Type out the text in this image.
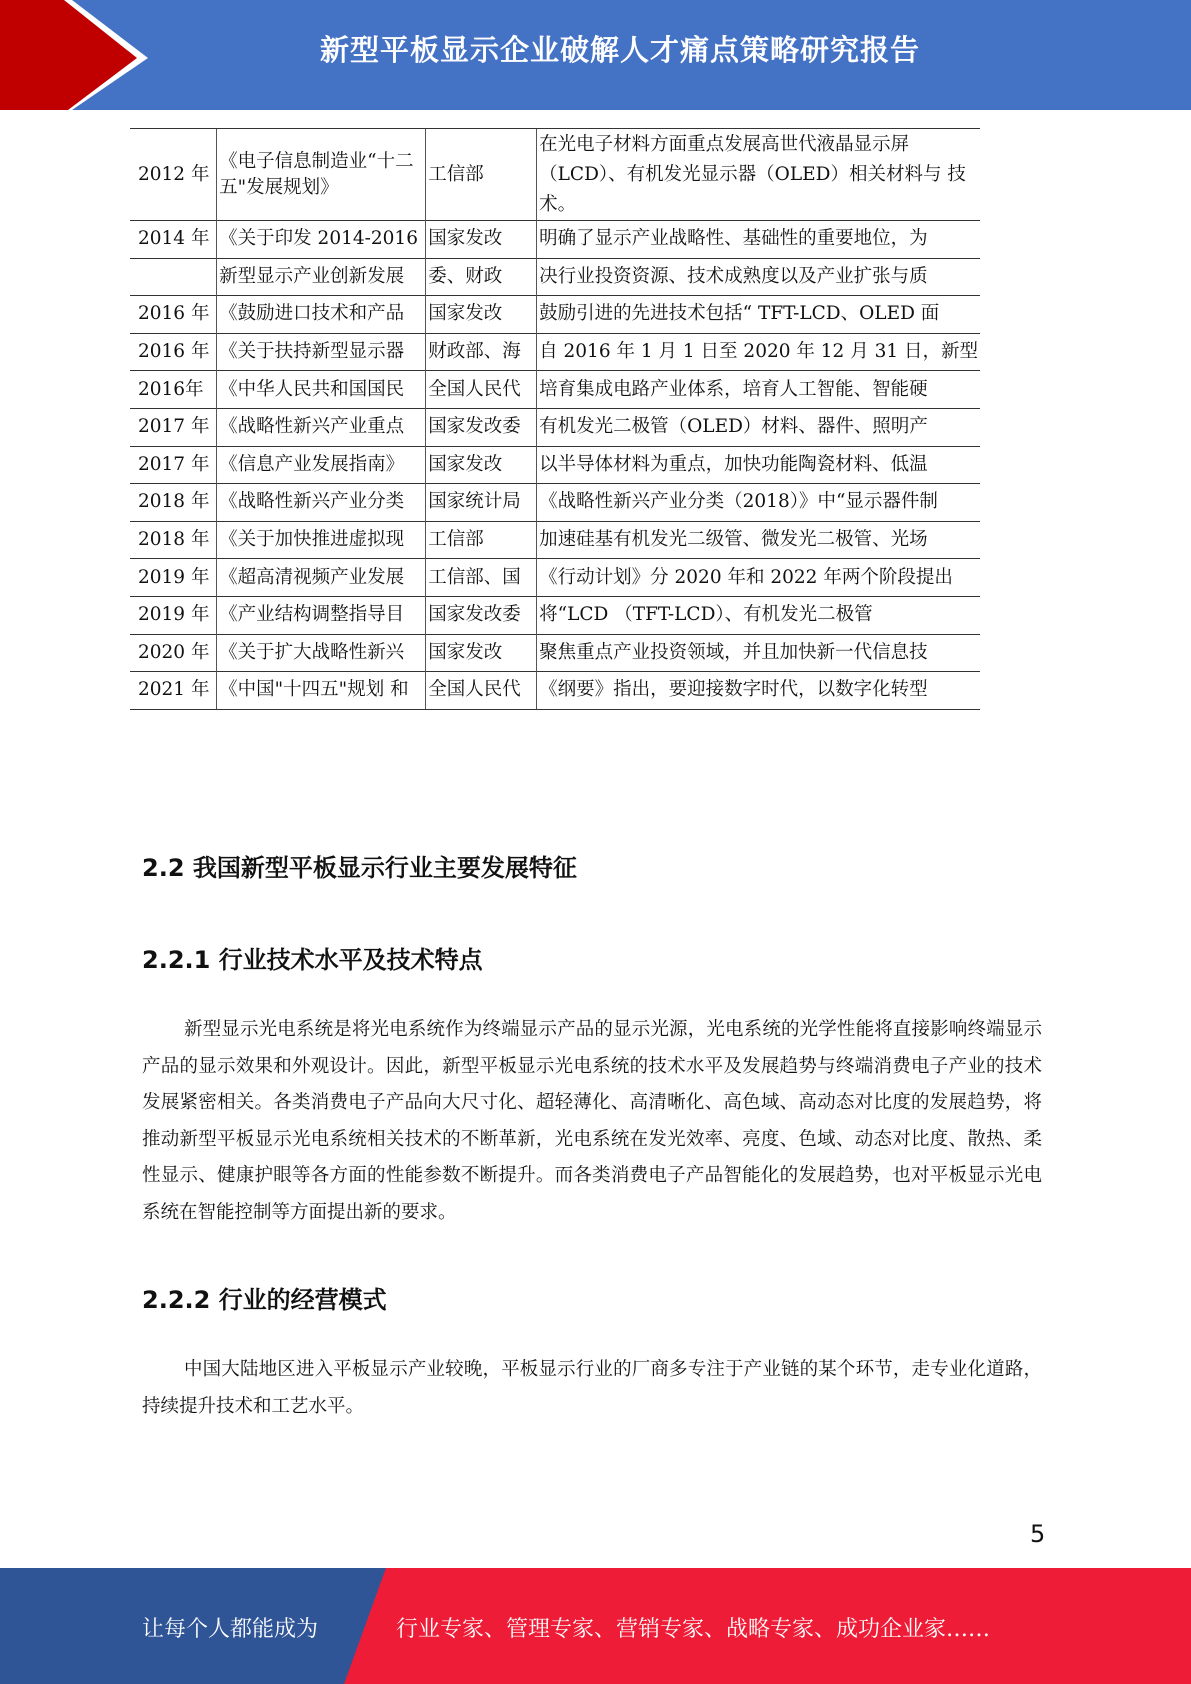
新型平板显示企业破解人才痛点策略研究报告
2012 年	《电子信息制造业“十二五"发展规划》	工信部	在光电子材料方面重点发展高世代液晶显示屏（LCD）、有机发光显示器（OLED）相关材料与 技术。
2014 年	《关于印发 2014-2016	国家发改	明确了显示产业战略性、基础性的重要地位，为
	新型显示产业创新发展	委、财政	决行业投资资源、技术成熟度以及产业扩张与质
2016 年	《鼓励进口技术和产品	国家发改	鼓励引进的先进技术包括“ TFT-LCD、OLED 面
2016 年	《关于扶持新型显示器	财政部、海	自 2016 年 1 月 1 日至 2020 年 12 月 31 日，新型
2016年	《中华人民共和国国民	全国人民代	培育集成电路产业体系，培育人工智能、智能硬
2017 年	《战略性新兴产业重点	国家发改委	有机发光二极管（OLED）材料、器件、照明产
2017 年	《信息产业发展指南》	国家发改	以半导体材料为重点，加快功能陶瓷材料、低温
2018 年	《战略性新兴产业分类	国家统计局	《战略性新兴产业分类（2018）》中“显示器件制
2018 年	《关于加快推进虚拟现	工信部	加速硅基有机发光二级管、微发光二极管、光场
2019 年	《超高清视频产业发展	工信部、国	《行动计划》分 2020 年和 2022 年两个阶段提出
2019 年	《产业结构调整指导目	国家发改委	将“LCD （TFT-LCD）、有机发光二极管
2020 年	《关于扩大战略性新兴	国家发改	聚焦重点产业投资领域，并且加快新一代信息技
2021 年	《中国"十四五"规划 和	全国人民代	《纲要》指出，要迎接数字时代，以数字化转型
2.2 我国新型平板显示行业主要发展特征
2.2.1 行业技术水平及技术特点
新型显示光电系统是将光电系统作为终端显示产品的显示光源，光电系统的光学性能将直接影响终端显示产品的显示效果和外观设计。因此，新型平板显示光电系统的技术水平及发展趋势与终端消费电子产业的技术发展紧密相关。各类消费电子产品向大尺寸化、超轻薄化、高清晰化、高色域、高动态对比度的发展趋势，将推动新型平板显示光电系统相关技术的不断革新，光电系统在发光效率、亮度、色域、动态对比度、散热、柔性显示、健康护眼等各方面的性能参数不断提升。而各类消费电子产品智能化的发展趋势，也对平板显示光电系统在智能控制等方面提出新的要求。
2.2.2 行业的经营模式
中国大陆地区进入平板显示产业较晚，平板显示行业的厂商多专注于产业链的某个环节，走专业化道路，持续提升技术和工艺水平。
5
让每个人都能成为	行业专家、管理专家、营销专家、战略专家、成功企业家……
